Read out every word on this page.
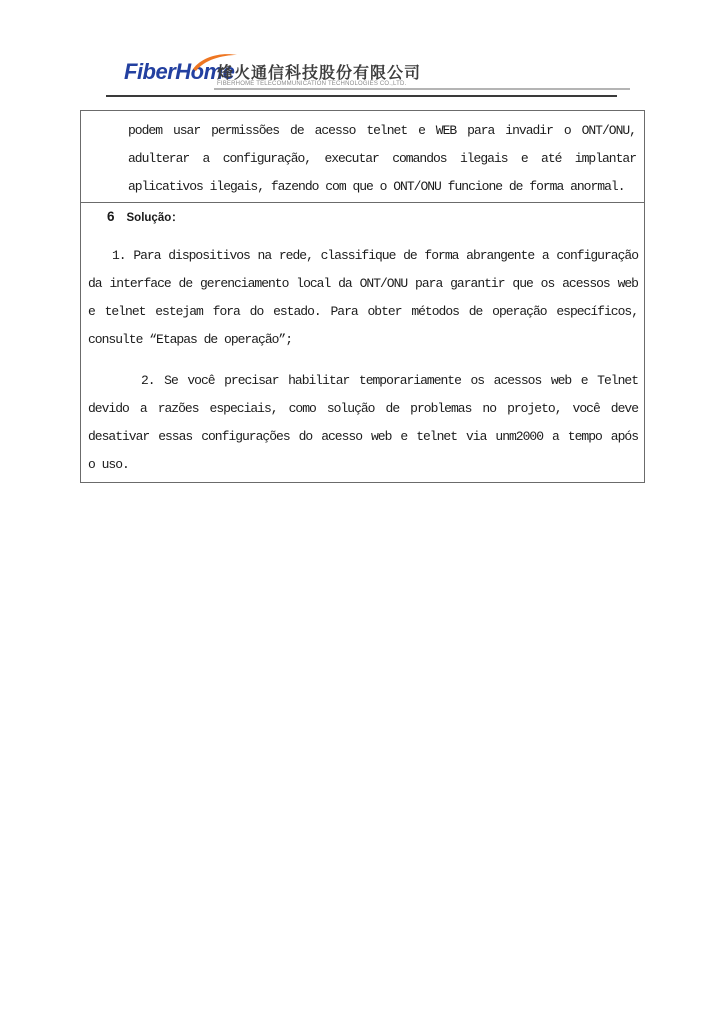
FiberHome
烽火通信科技股份有限公司
FIBERHOME TELECOMMUNICATION TECHNOLOGIES CO.,LTD.
podem usar permissões de acesso telnet e WEB para invadir o ONT/ONU,
adulterar a configuração, executar comandos ilegais e até implantar
aplicativos ilegais, fazendo com que o ONT/ONU funcione de forma anormal.
6 Solução：
1. Para dispositivos na rede, classifique de forma abrangente a configuração
da interface de gerenciamento local da ONT/ONU para garantir que os acessos web
e telnet estejam fora do estado. Para obter métodos de operação específicos,
consulte “Etapas de operação”;
2. Se você precisar habilitar temporariamente os acessos web e Telnet
devido a razões especiais, como solução de problemas no projeto, você deve
desativar essas configurações do acesso web e telnet via unm2000 a tempo após
o uso.
